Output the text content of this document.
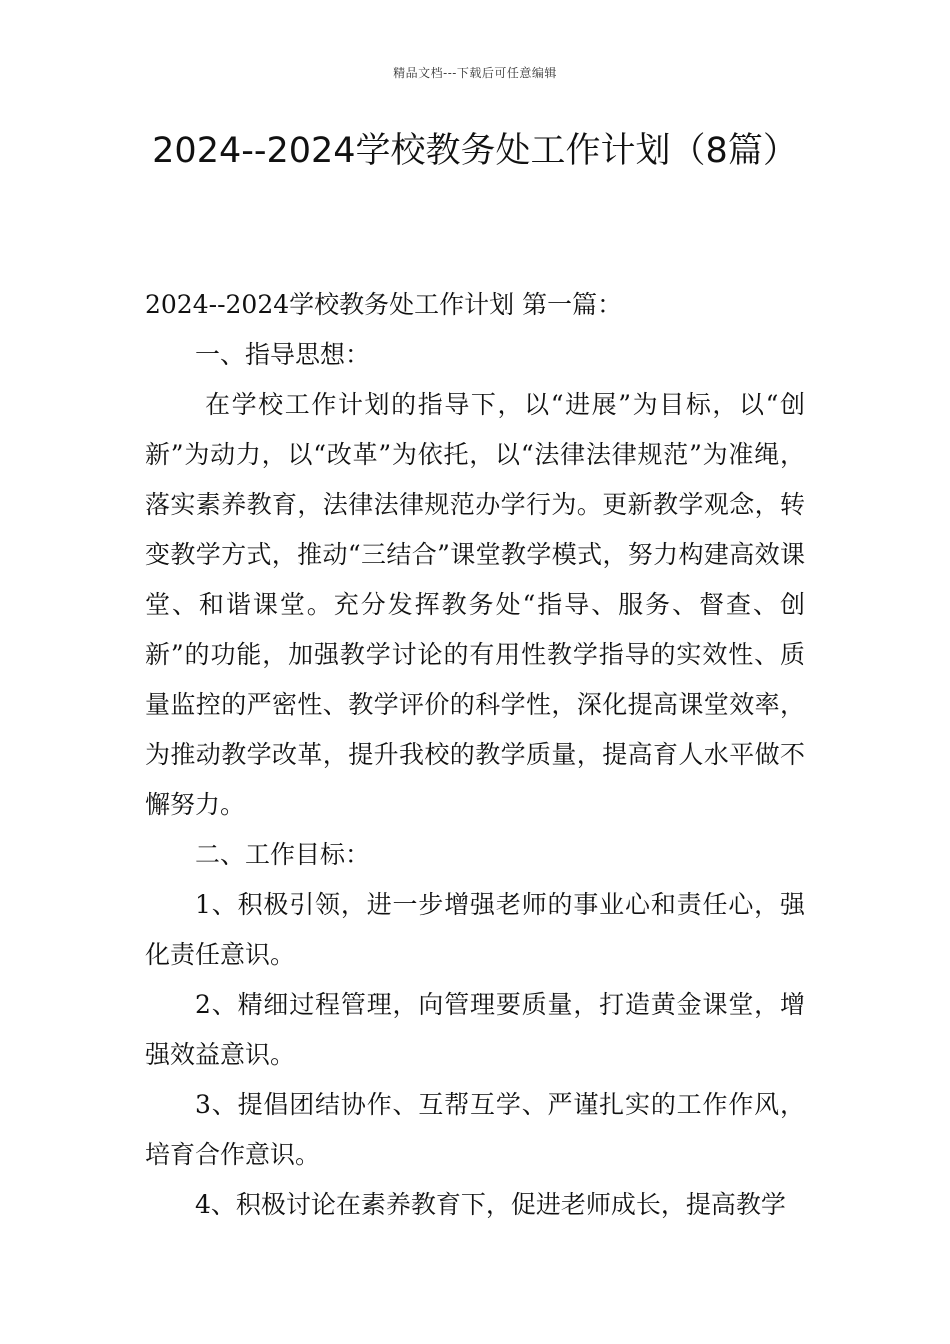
精品文档---下载后可任意编辑
2024--2024学校教务处工作计划（8篇）

2024--2024学校教务处工作计划 第一篇：

一、指导思想：

在学校工作计划的指导下，以“进展”为目标，以“创新”为动力，以“改革”为依托，以“法律法律规范”为准绳，落实素养教育，法律法律规范办学行为。更新教学观念，转变教学方式，推动“三结合”课堂教学模式，努力构建高效课堂、和谐课堂。充分发挥教务处“指导、服务、督查、创新”的功能，加强教学讨论的有用性教学指导的实效性、质量监控的严密性、教学评价的科学性，深化提高课堂效率，为推动教学改革，提升我校的教学质量，提高育人水平做不懈努力。

二、工作目标：

1、积极引领，进一步增强老师的事业心和责任心，强化责任意识。

2、精细过程管理，向管理要质量，打造黄金课堂，增强效益意识。

3、提倡团结协作、互帮互学、严谨扎实的工作作风，培育合作意识。

4、积极讨论在素养教育下，促进老师成长，提高教学
